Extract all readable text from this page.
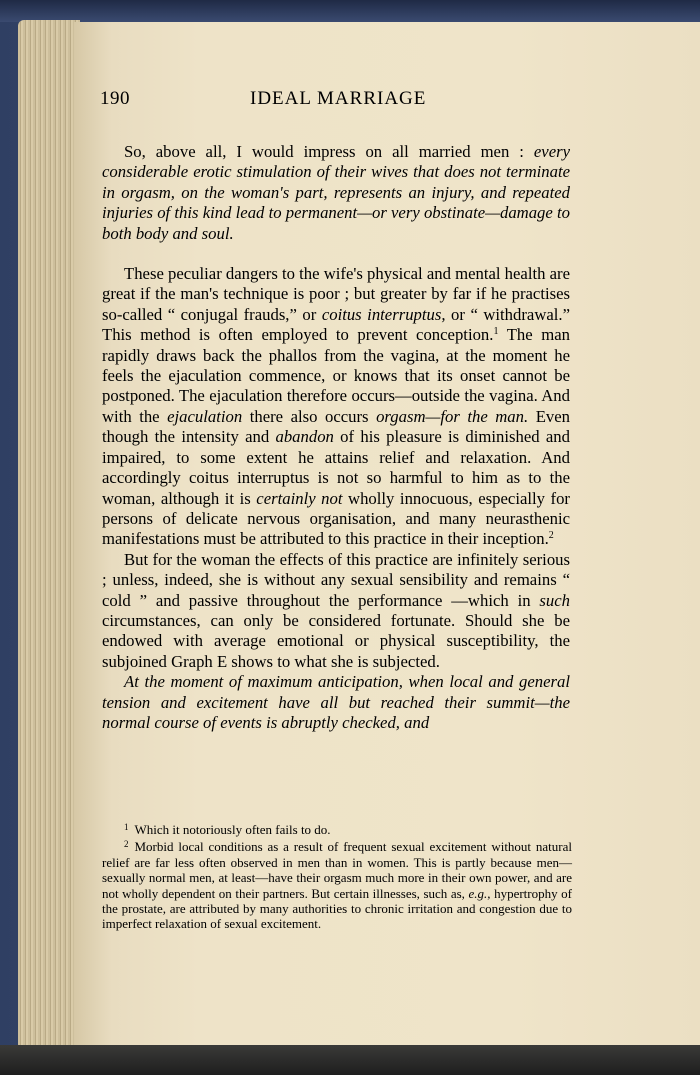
190	IDEAL MARRIAGE

So, above all, I would impress on all married men : every considerable erotic stimulation of their wives that does not terminate in orgasm, on the woman's part, represents an injury, and repeated injuries of this kind lead to permanent—or very obstinate—damage to both body and soul.

These peculiar dangers to the wife's physical and mental health are great if the man's technique is poor ; but greater by far if he practises so-called “ conjugal frauds,” or coitus interruptus, or “ withdrawal.” This method is often employed to prevent conception.$^1$ The man rapidly draws back the phallos from the vagina, at the moment he feels the ejaculation commence, or knows that its onset cannot be postponed. The ejaculation therefore occurs—outside the vagina. And with the ejaculation there also occurs orgasm—for the man. Even though the intensity and abandon of his pleasure is diminished and impaired, to some extent he attains relief and relaxation. And accordingly coitus interruptus is not so harmful to him as to the woman, although it is certainly not wholly innocuous, especially for persons of delicate nervous organisation, and many neurasthenic manifestations must be attributed to this practice in their inception.$^2$

But for the woman the effects of this practice are infinitely serious ; unless, indeed, she is without any sexual sensibility and remains “ cold ” and passive throughout the performance —which in such circumstances, can only be considered fortunate. Should she be endowed with average emotional or physical susceptibility, the subjoined Graph E shows to what she is subjected.

At the moment of maximum anticipation, when local and general tension and excitement have all but reached their summit—the normal course of events is abruptly checked, and

$^1$ Which it notoriously often fails to do.

$^2$ Morbid local conditions as a result of frequent sexual excitement without natural relief are far less often observed in men than in women. This is partly because men—sexually normal men, at least—have their orgasm much more in their own power, and are not wholly dependent on their partners. But certain illnesses, such as, e.g., hypertrophy of the prostate, are attributed by many authorities to chronic irritation and congestion due to imperfect relaxation of sexual excitement.
